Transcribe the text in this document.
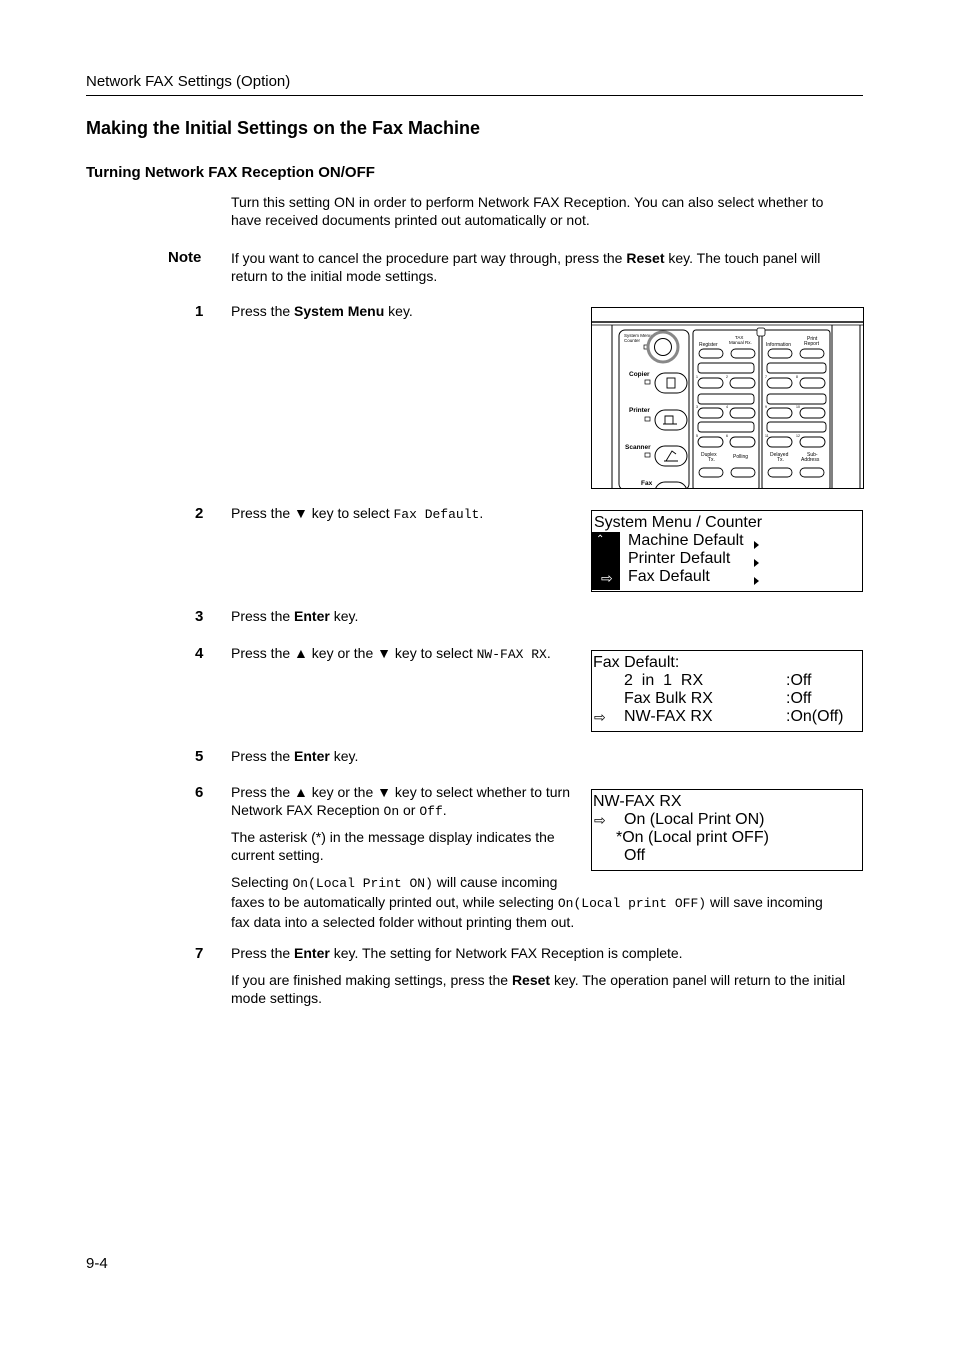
Network FAX Settings (Option)
Making the Initial Settings on the Fax Machine
Turning Network FAX Reception ON/OFF
Turn this setting ON in order to perform Network FAX Reception. You can also select whether to
have received documents printed out automatically or not.
Note If you want to cancel the procedure part way through, press the Reset key. The touch panel will
return to the initial mode settings.
1 Press the System Menu key.
System Menu
Counter
Copier
Printer
Scanner
Fax
Register
TAX
Manual Rx.	Information
Print
Report
1	2
3	4
5	6
7	8
9	10
11	12
Duplex
Tx.	Polling	Delayed
Tx.
Sub-
Address
2 Press the ▼ key to select Fax Default.
⌃
⇨
System Menu / Counter
Machine Default
Printer Default
Fax Default
3 Press the Enter key.
4 Press the ▲ key or the ▼ key to select NW-FAX RX.
Fax Default:
2  in  1  RX	:Off
Fax Bulk RX	:Off
⇨ NW-FAX RX	:On(Off)
5 Press the Enter key.
6 Press the ▲ key or the ▼ key to select whether to turn
Network FAX Reception On or Off.
The asterisk (*) in the message display indicates the
current setting.
Selecting On(Local Print ON) will cause incoming
faxes to be automatically printed out, while selecting On(Local print OFF) will save incoming
fax data into a selected folder without printing them out.
NW-FAX RX
⇨ On (Local Print ON)
*On (Local print OFF)
Off
7 Press the Enter key. The setting for Network FAX Reception is complete.
If you are finished making settings, press the Reset key. The operation panel will return to the initial
mode settings.
9-4
